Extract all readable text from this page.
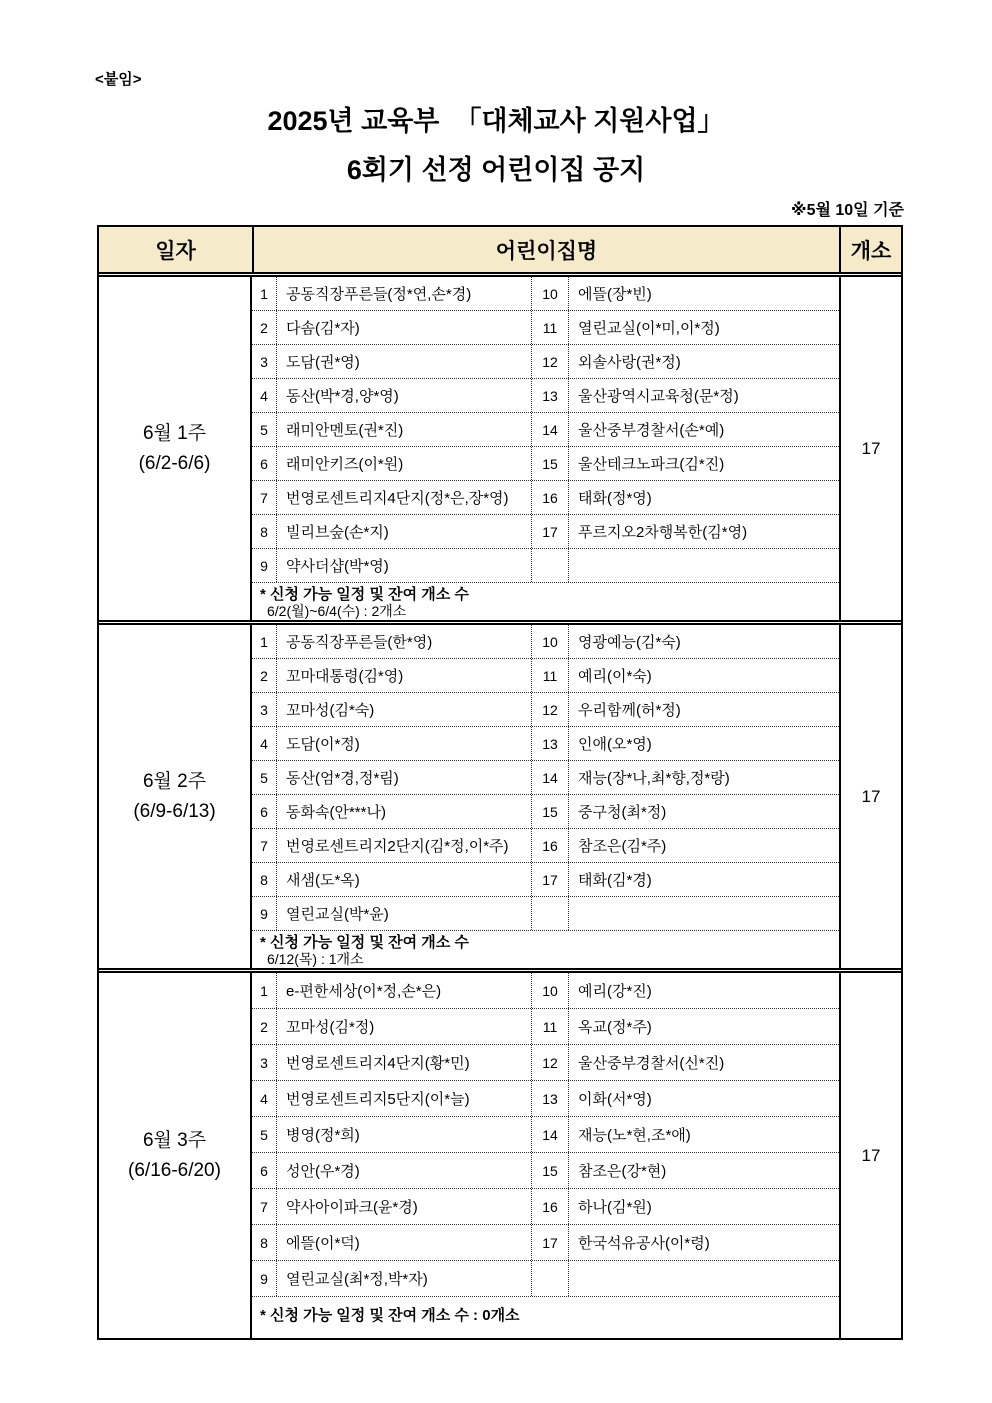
<붙임>
2025년 교육부  「대체교사 지원사업」
6회기 선정 어린이집 공지
※5월 10일 기준
일자	어린이집명	개소
6월 1주
(6/2-6/6)
1	공동직장푸른들(정*연,손*경)	10	에뜰(장*빈)
2	다솜(김*자)	11	열린교실(이*미,이*정)
3	도담(권*영)	12	외솔사랑(권*정)
4	동산(박*경,양*영)	13	울산광역시교육청(문*정)
5	래미안멘토(권*진)	14	울산중부경찰서(손*예)
6	래미안키즈(이*원)	15	울산테크노파크(김*진)
7	번영로센트리지4단지(정*은,장*영)	16	태화(정*영)
8	빌리브숲(손*지)	17	푸르지오2차행복한(김*영)
9	약사더샵(박*영)
* 신청 가능 일정 및 잔여 개소 수
6/2(월)~6/4(수) : 2개소
17
6월 2주
(6/9-6/13)
1	공동직장푸른들(한*영)	10	영광예능(김*숙)
2	꼬마대통령(김*영)	11	예리(이*숙)
3	꼬마성(김*숙)	12	우리함께(허*정)
4	도담(이*정)	13	인애(오*영)
5	동산(엄*경,정*림)	14	재능(장*나,최*향,정*랑)
6	동화속(안***나)	15	중구청(최*정)
7	번영로센트리지2단지(김*정,이*주)	16	참조은(김*주)
8	새샘(도*옥)	17	태화(김*경)
9	열린교실(박*윤)
* 신청 가능 일정 및 잔여 개소 수
6/12(목) : 1개소
17
6월 3주
(6/16-6/20)
1	e-편한세상(이*정,손*은)	10	예리(강*진)
2	꼬마성(김*정)	11	옥교(정*주)
3	번영로센트리지4단지(황*민)	12	울산중부경찰서(신*진)
4	번영로센트리지5단지(이*늘)	13	이화(서*영)
5	병영(정*희)	14	재능(노*현,조*애)
6	성안(우*경)	15	참조은(강*현)
7	약사아이파크(윤*경)	16	하나(김*원)
8	에뜰(이*덕)	17	한국석유공사(이*령)
9	열린교실(최*정,박*자)
* 신청 가능 일정 및 잔여 개소 수 : 0개소
17
